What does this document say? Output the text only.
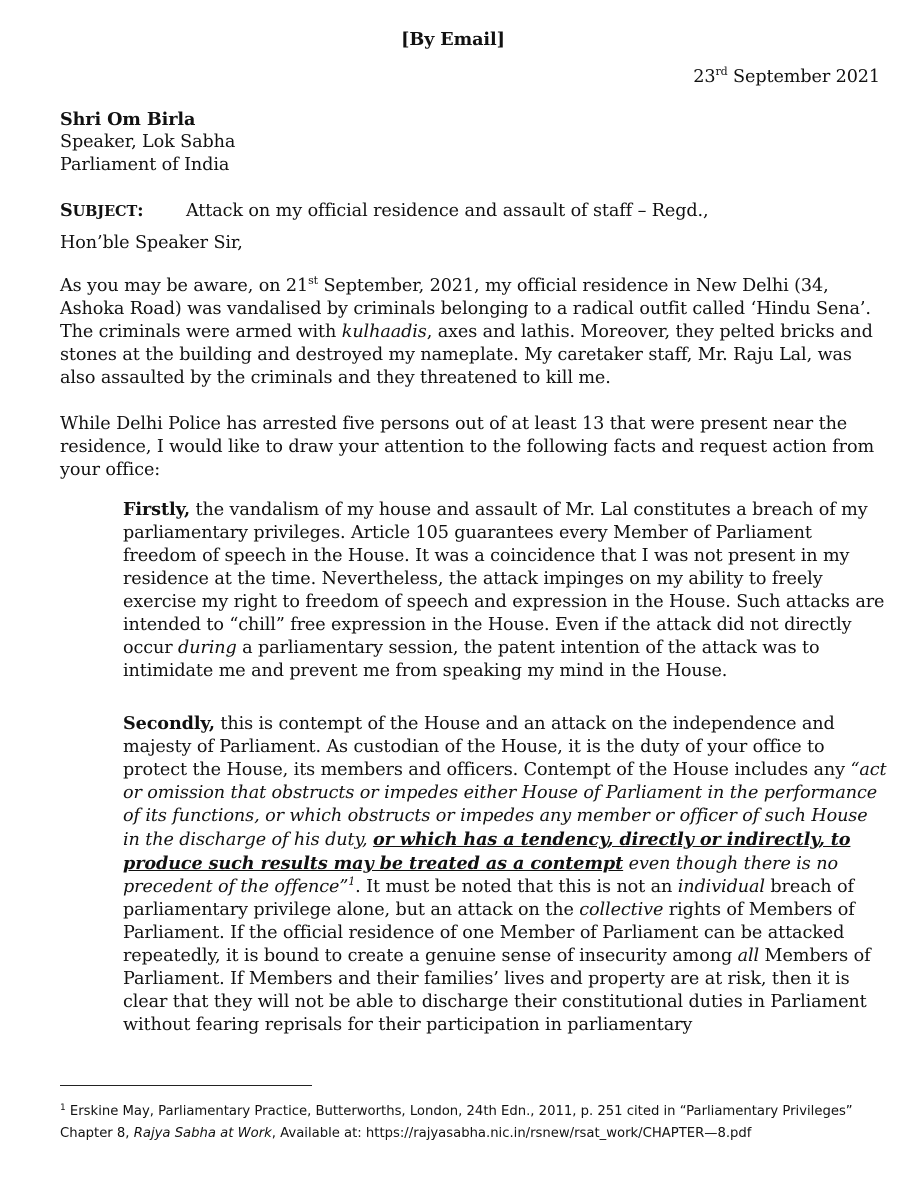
[By Email]
23rd September 2021
Shri Om Birla
Speaker, Lok Sabha
Parliament of India
SUBJECT: Attack on my official residence and assault of staff – Regd.,
Hon’ble Speaker Sir,

As you may be aware, on 21st September, 2021, my official residence in New Delhi (34, Ashoka Road) was vandalised by criminals belonging to a radical outfit called ‘Hindu Sena’. The criminals were armed with kulhaadis, axes and lathis. Moreover, they pelted bricks and stones at the building and destroyed my nameplate. My caretaker staff, Mr. Raju Lal, was also assaulted by the criminals and they threatened to kill me.

While Delhi Police has arrested five persons out of at least 13 that were present near the residence, I would like to draw your attention to the following facts and request action from your office:

Firstly, the vandalism of my house and assault of Mr. Lal constitutes a breach of my parliamentary privileges. Article 105 guarantees every Member of Parliament freedom of speech in the House. It was a coincidence that I was not present in my residence at the time. Nevertheless, the attack impinges on my ability to freely exercise my right to freedom of speech and expression in the House. Such attacks are intended to “chill” free expression in the House. Even if the attack did not directly occur during a parliamentary session, the patent intention of the attack was to intimidate me and prevent me from speaking my mind in the House.

Secondly, this is contempt of the House and an attack on the independence and majesty of Parliament. As custodian of the House, it is the duty of your office to protect the House, its members and officers. Contempt of the House includes any “act or omission that obstructs or impedes either House of Parliament in the performance of its functions, or which obstructs or impedes any member or officer of such House in the discharge of his duty, or which has a tendency, directly or indirectly, to produce such results may be treated as a contempt even though there is no precedent of the offence”$^1$. It must be noted that this is not an individual breach of parliamentary privilege alone, but an attack on the collective rights of Members of Parliament. If the official residence of one Member of Parliament can be attacked repeatedly, it is bound to create a genuine sense of insecurity among all Members of Parliament. If Members and their families’ lives and property are at risk, then it is clear that they will not be able to discharge their constitutional duties in Parliament without fearing reprisals for their participation in parliamentary

$^1$ Erskine May, Parliamentary Practice, Butterworths, London, 24th Edn., 2011, p. 251 cited in “Parliamentary Privileges” Chapter 8, Rajya Sabha at Work, Available at: https://rajyasabha.nic.in/rsnew/rsat_work/CHAPTER—8.pdf
